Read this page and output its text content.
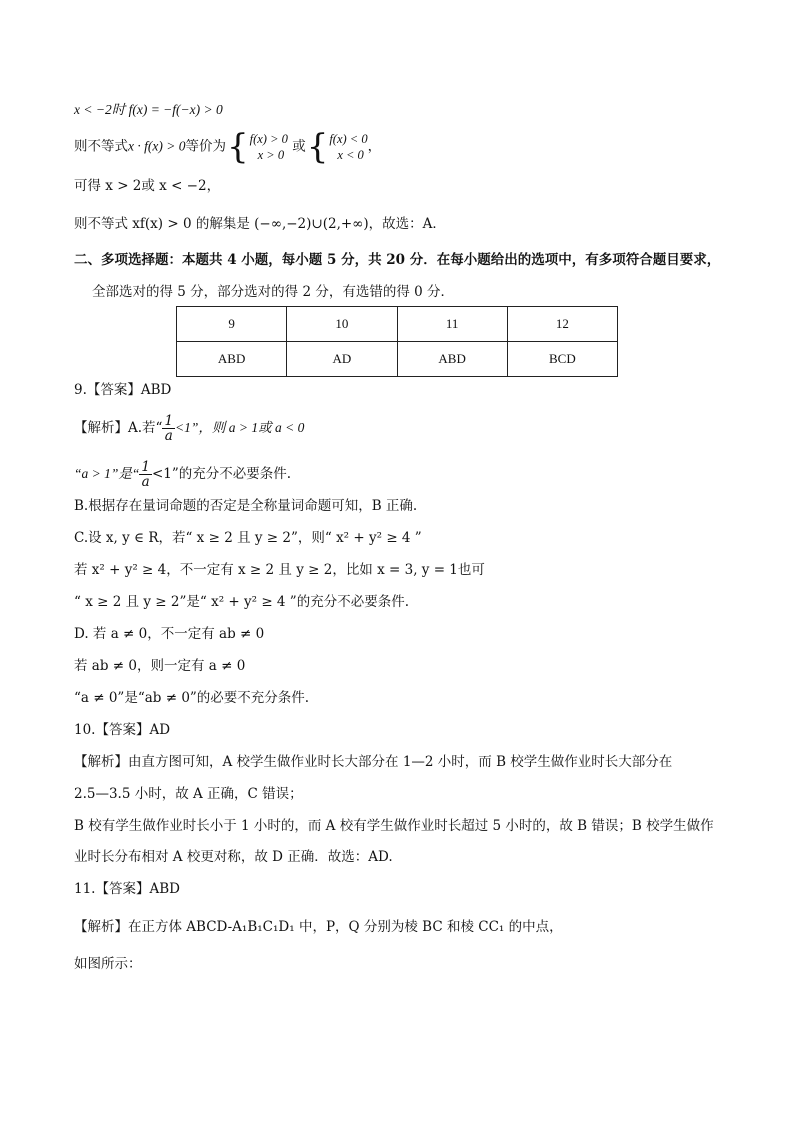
x < −2时 f(x) = −f(−x) > 0
则不等式x · f(x) > 0等价为{ f(x) > 0
x > 0
或{ f(x) < 0
x < 0
，
可得 x > 2或 x < −2，
则不等式 xf(x) > 0 的解集是 (−∞,−2)∪(2,+∞)，故选：A．
二、多项选择题：本题共 4 小题，每小题 5 分，共 20 分．在每小题给出的选项中，有多项符合题目要求，
全部选对的得 5 分，部分选对的得 2 分，有选错的得 0 分．
9	10	11	12
ABD	AD	ABD	BCD
9.【答案】ABD
【解析】A.若“ $\frac{1}{a} <1$”，则 a > 1或 a < 0
“a > 1”是“ $\frac{1}{a} <1$”的充分不必要条件.
B.根据存在量词命题的否定是全称量词命题可知，B 正确.
C.设 x, y ∈ R，若“ x ≥ 2 且 y ≥ 2”，则“ x² + y² ≥ 4 ”
若 x² + y² ≥ 4，不一定有 x ≥ 2 且 y ≥ 2，比如 x = 3, y = 1也可
“ x ≥ 2 且 y ≥ 2”是“ x² + y² ≥ 4 ”的充分不必要条件.
D. 若 a ≠ 0，不一定有 ab ≠ 0
若 ab ≠ 0，则一定有 a ≠ 0
“a ≠ 0”是“ab ≠ 0”的必要不充分条件.
10.【答案】AD
【解析】由直方图可知，A 校学生做作业时长大部分在 1—2 小时，而 B 校学生做作业时长大部分在
2.5—3.5 小时，故 A 正确，C 错误；
B 校有学生做作业时长小于 1 小时的，而 A 校有学生做作业时长超过 5 小时的，故 B 错误；B 校学生做作
业时长分布相对 A 校更对称，故 D 正确．故选：AD.
11.【答案】ABD
【解析】在正方体 ABCD-A₁B₁C₁D₁ 中，P，Q 分别为棱 BC 和棱 CC₁ 的中点，
如图所示：
